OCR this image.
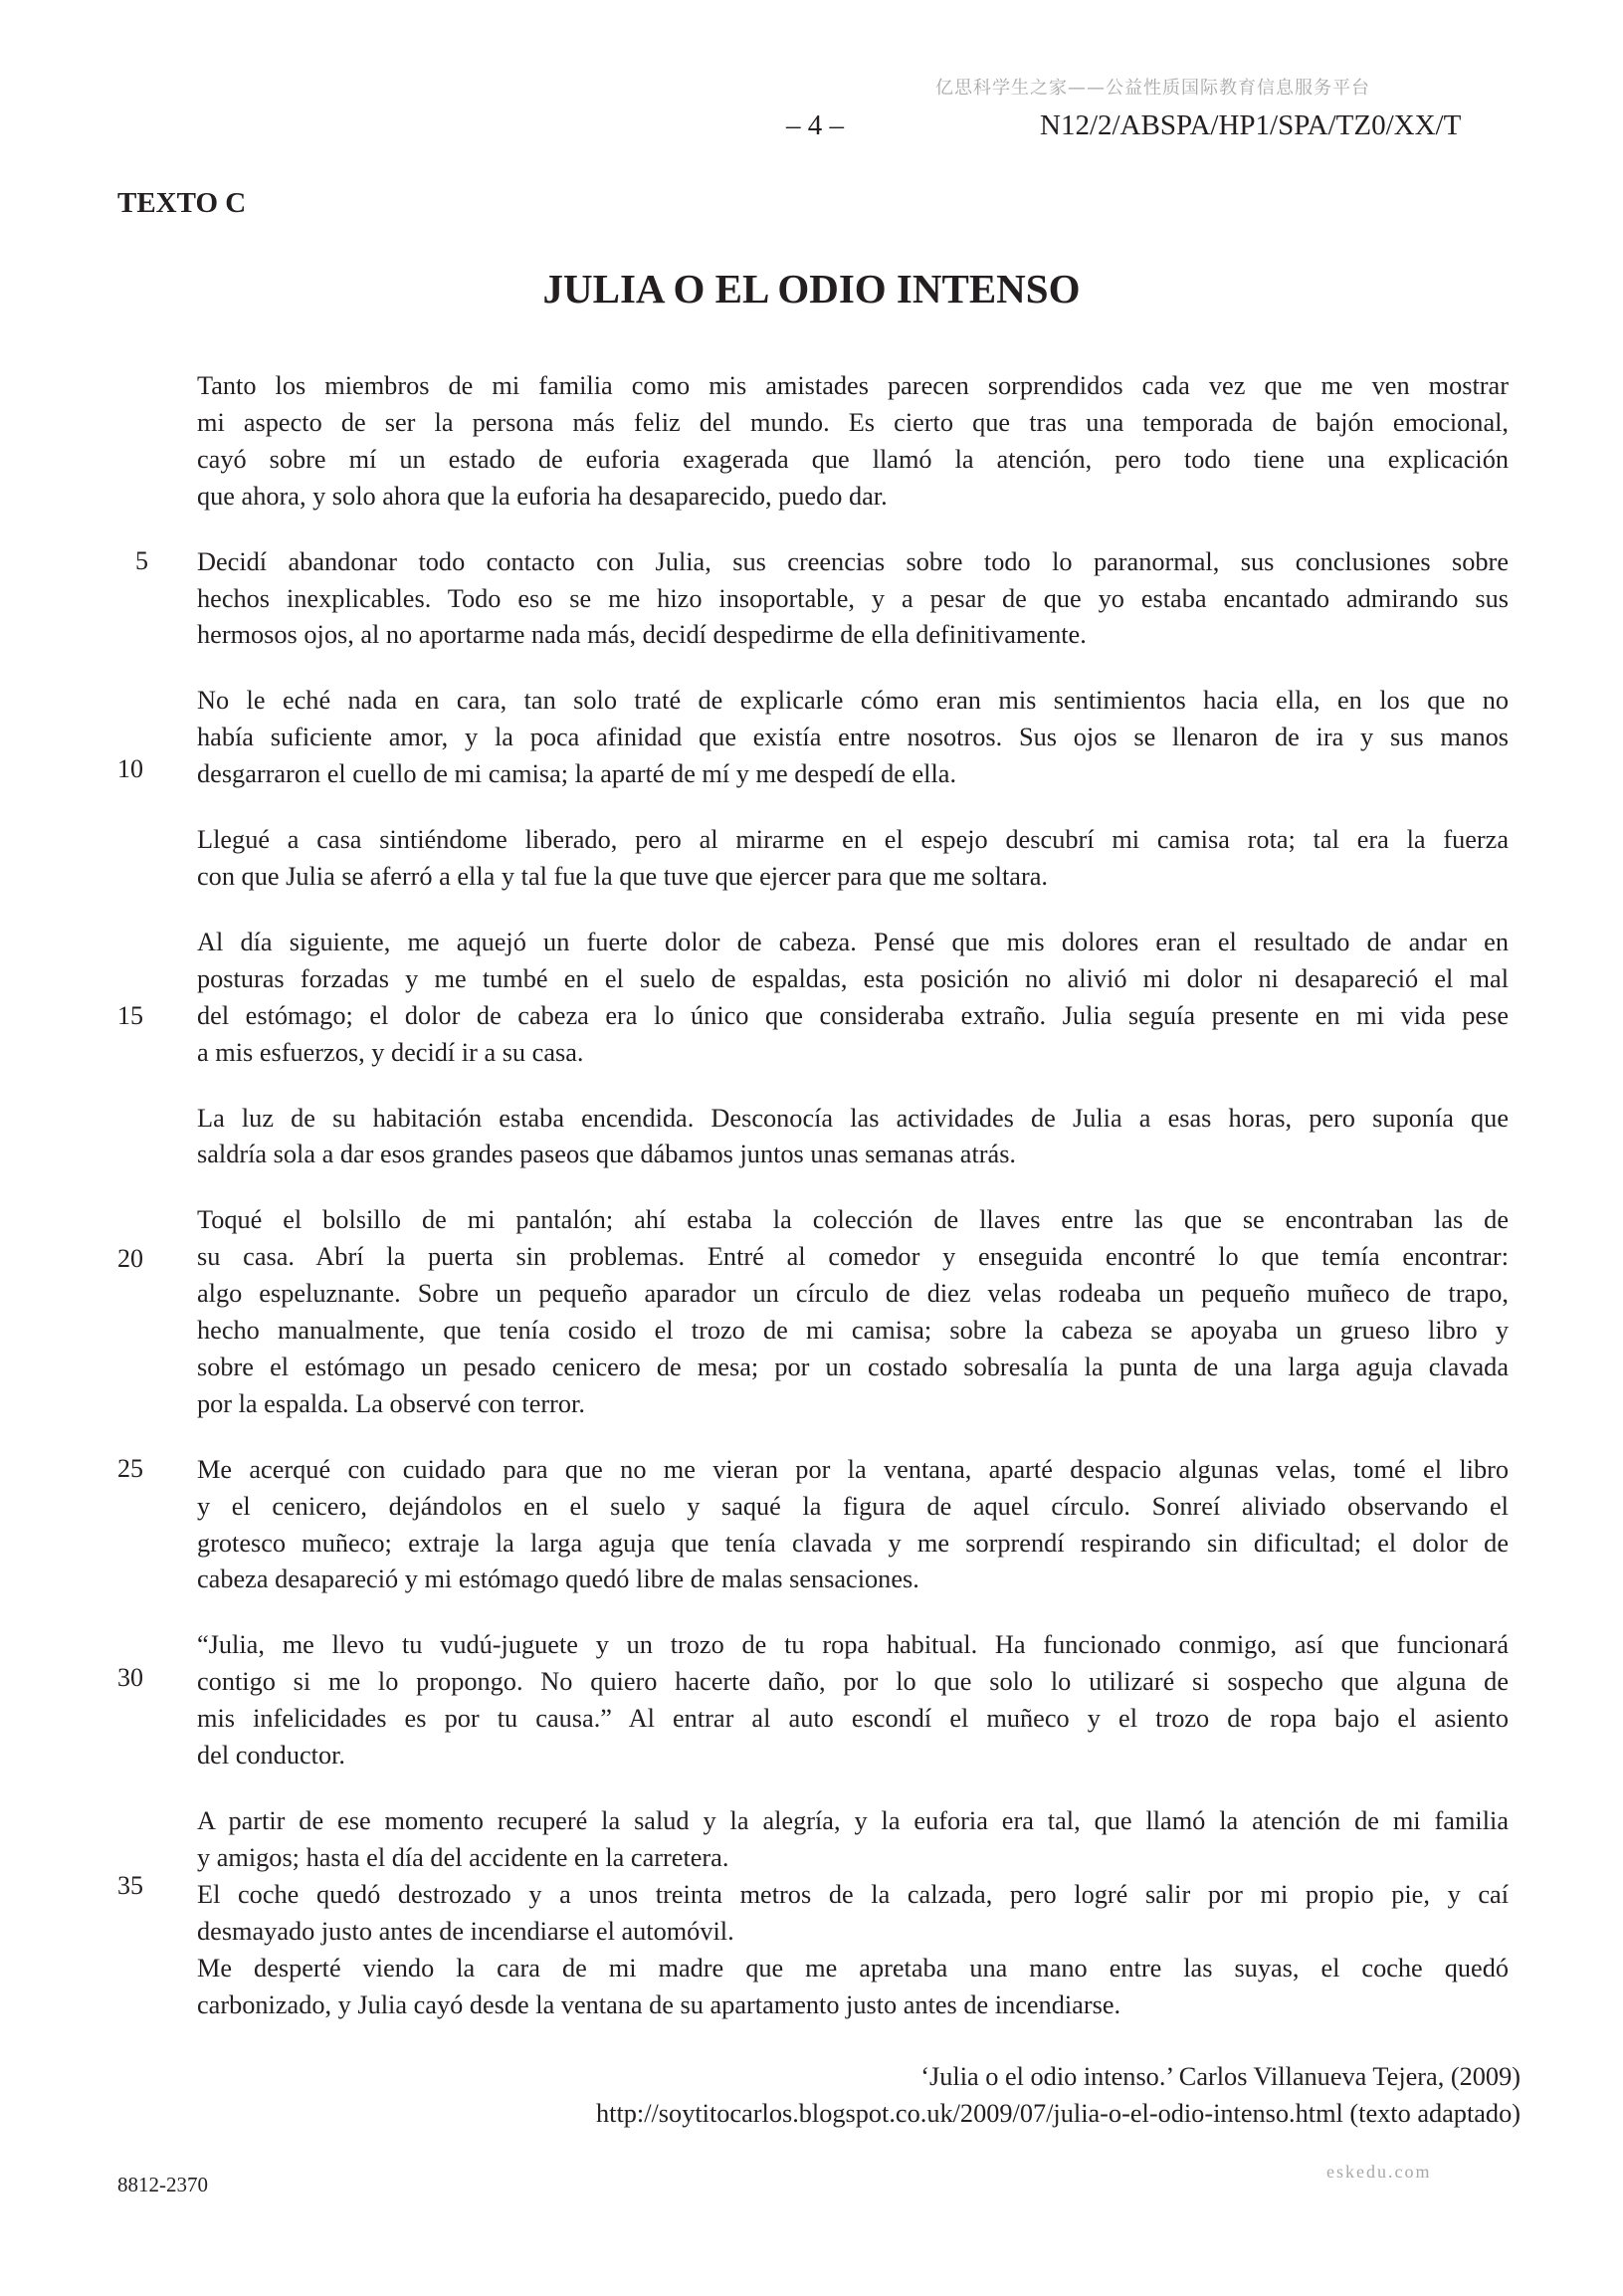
亿思科学生之家——公益性质国际教育信息服务平台
– 4 –	N12/2/ABSPA/HP1/SPA/TZ0/XX/T
TEXTO C
JULIA O EL ODIO INTENSO
Tanto los miembros de mi familia como mis amistades parecen sorprendidos cada vez que me ven mostrar
mi aspecto de ser la persona más feliz del mundo. Es cierto que tras una temporada de bajón emocional,
cayó sobre mí un estado de euforia exagerada que llamó la atención, pero todo tiene una explicación
que ahora, y solo ahora que la euforia ha desaparecido, puedo dar.
Decidí abandonar todo contacto con Julia, sus creencias sobre todo lo paranormal, sus conclusiones sobre
hechos inexplicables. Todo eso se me hizo insoportable, y a pesar de que yo estaba encantado admirando sus
hermosos ojos, al no aportarme nada más, decidí despedirme de ella definitivamente.
No le eché nada en cara, tan solo traté de explicarle cómo eran mis sentimientos hacia ella, en los que no
había suficiente amor, y la poca afinidad que existía entre nosotros. Sus ojos se llenaron de ira y sus manos
desgarraron el cuello de mi camisa; la aparté de mí y me despedí de ella.
Llegué a casa sintiéndome liberado, pero al mirarme en el espejo descubrí mi camisa rota; tal era la fuerza
con que Julia se aferró a ella y tal fue la que tuve que ejercer para que me soltara.
Al día siguiente, me aquejó un fuerte dolor de cabeza. Pensé que mis dolores eran el resultado de andar en
posturas forzadas y me tumbé en el suelo de espaldas, esta posición no alivió mi dolor ni desapareció el mal
del estómago; el dolor de cabeza era lo único que consideraba extraño. Julia seguía presente en mi vida pese
a mis esfuerzos, y decidí ir a su casa.
La luz de su habitación estaba encendida. Desconocía las actividades de Julia a esas horas, pero suponía que
saldría sola a dar esos grandes paseos que dábamos juntos unas semanas atrás.
Toqué el bolsillo de mi pantalón; ahí estaba la colección de llaves entre las que se encontraban las de
su casa. Abrí la puerta sin problemas. Entré al comedor y enseguida encontré lo que temía encontrar:
algo espeluznante. Sobre un pequeño aparador un círculo de diez velas rodeaba un pequeño muñeco de trapo,
hecho manualmente, que tenía cosido el trozo de mi camisa; sobre la cabeza se apoyaba un grueso libro y
sobre el estómago un pesado cenicero de mesa; por un costado sobresalía la punta de una larga aguja clavada
por la espalda. La observé con terror.
Me acerqué con cuidado para que no me vieran por la ventana, aparté despacio algunas velas, tomé el libro
y el cenicero, dejándolos en el suelo y saqué la figura de aquel círculo. Sonreí aliviado observando el
grotesco muñeco; extraje la larga aguja que tenía clavada y me sorprendí respirando sin dificultad; el dolor de
cabeza desapareció y mi estómago quedó libre de malas sensaciones.
“Julia, me llevo tu vudú-juguete y un trozo de tu ropa habitual. Ha funcionado conmigo, así que funcionará
contigo si me lo propongo. No quiero hacerte daño, por lo que solo lo utilizaré si sospecho que alguna de
mis infelicidades es por tu causa.” Al entrar al auto escondí el muñeco y el trozo de ropa bajo el asiento
del conductor.
A partir de ese momento recuperé la salud y la alegría, y la euforia era tal, que llamó la atención de mi familia
y amigos; hasta el día del accidente en la carretera.
El coche quedó destrozado y a unos treinta metros de la calzada, pero logré salir por mi propio pie, y caí
desmayado justo antes de incendiarse el automóvil.
Me desperté viendo la cara de mi madre que me apretaba una mano entre las suyas, el coche quedó
carbonizado, y Julia cayó desde la ventana de su apartamento justo antes de incendiarse.
5
10
15
20
25
30
35
‘Julia o el odio intenso.’ Carlos Villanueva Tejera, (2009)
http://soytitocarlos.blogspot.co.uk/2009/07/julia-o-el-odio-intenso.html (texto adaptado)
8812-2370
eskedu.com
